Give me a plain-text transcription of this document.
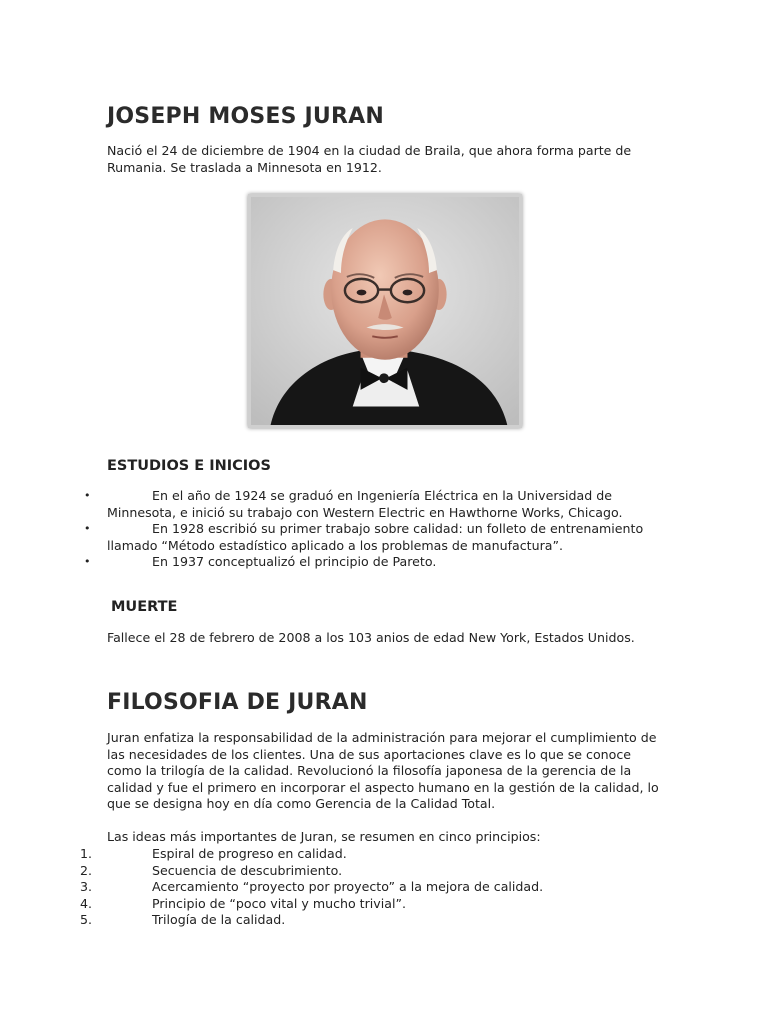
JOSEPH MOSES JURAN

Nació el 24 de diciembre de 1904 en la ciudad de Braila, que ahora forma parte de Rumania. Se traslada a Minnesota en 1912.

ESTUDIOS E INICIOS
•	En el año de 1924 se graduó en Ingeniería Eléctrica en la Universidad de Minnesota, e inició su trabajo con Western Electric en Hawthorne Works, Chicago.
•	En 1928 escribió su primer trabajo sobre calidad: un folleto de entrenamiento llamado “Método estadístico aplicado a los problemas de manufactura”.
•	En 1937 conceptualizó el principio de Pareto.
MUERTE

Fallece el 28 de febrero de 2008 a los 103 anios de edad New York, Estados Unidos.

FILOSOFIA DE JURAN

Juran enfatiza la responsabilidad de la administración para mejorar el cumplimiento de las necesidades de los clientes. Una de sus aportaciones clave es lo que se conoce como la trilogía de la calidad. Revolucionó la filosofía japonesa de la gerencia de la calidad y fue el primero en incorporar el aspecto humano en la gestión de la calidad, lo que se designa hoy en día como Gerencia de la Calidad Total.

Las ideas más importantes de Juran, se resumen en cinco principios:

1.	Espiral de progreso en calidad.
2.	Secuencia de descubrimiento.
3.	Acercamiento “proyecto por proyecto” a la mejora de calidad.
4.	Principio de “poco vital y mucho trivial”.
5.	Trilogía de la calidad.
